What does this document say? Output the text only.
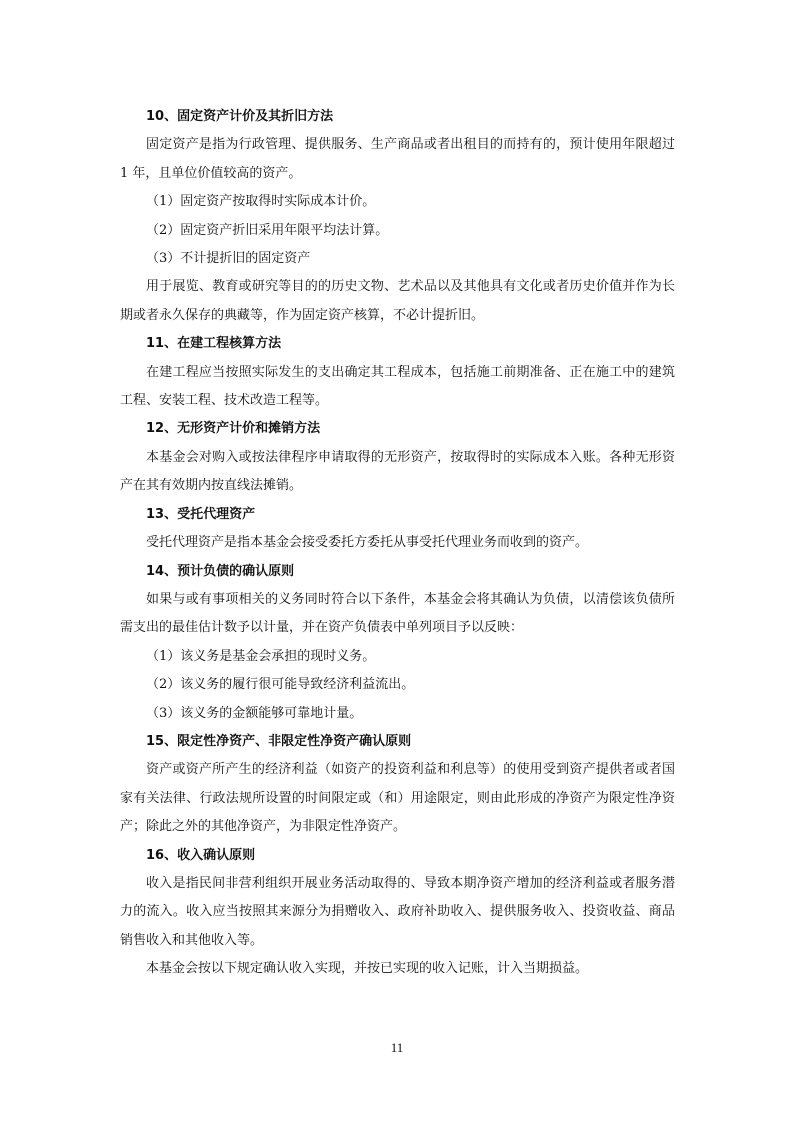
10、固定资产计价及其折旧方法
固定资产是指为行政管理、提供服务、生产商品或者出租目的而持有的，预计使用年限超过 1 年，且单位价值较高的资产。
（1）固定资产按取得时实际成本计价。
（2）固定资产折旧采用年限平均法计算。
（3）不计提折旧的固定资产
用于展览、教育或研究等目的的历史文物、艺术品以及其他具有文化或者历史价值并作为长期或者永久保存的典藏等，作为固定资产核算，不必计提折旧。
11、在建工程核算方法
在建工程应当按照实际发生的支出确定其工程成本，包括施工前期准备、正在施工中的建筑工程、安装工程、技术改造工程等。
12、无形资产计价和摊销方法
本基金会对购入或按法律程序申请取得的无形资产，按取得时的实际成本入账。各种无形资产在其有效期内按直线法摊销。
13、受托代理资产
受托代理资产是指本基金会接受委托方委托从事受托代理业务而收到的资产。
14、预计负债的确认原则
如果与或有事项相关的义务同时符合以下条件，本基金会将其确认为负债，以清偿该负债所需支出的最佳估计数予以计量，并在资产负债表中单列项目予以反映：
（1）该义务是基金会承担的现时义务。
（2）该义务的履行很可能导致经济利益流出。
（3）该义务的金额能够可靠地计量。
15、限定性净资产、非限定性净资产确认原则
资产或资产所产生的经济利益（如资产的投资利益和利息等）的使用受到资产提供者或者国家有关法律、行政法规所设置的时间限定或（和）用途限定，则由此形成的净资产为限定性净资产；除此之外的其他净资产，为非限定性净资产。
16、收入确认原则
收入是指民间非营利组织开展业务活动取得的、导致本期净资产增加的经济利益或者服务潜力的流入。收入应当按照其来源分为捐赠收入、政府补助收入、提供服务收入、投资收益、商品销售收入和其他收入等。
本基金会按以下规定确认收入实现，并按已实现的收入记账，计入当期损益。
11
